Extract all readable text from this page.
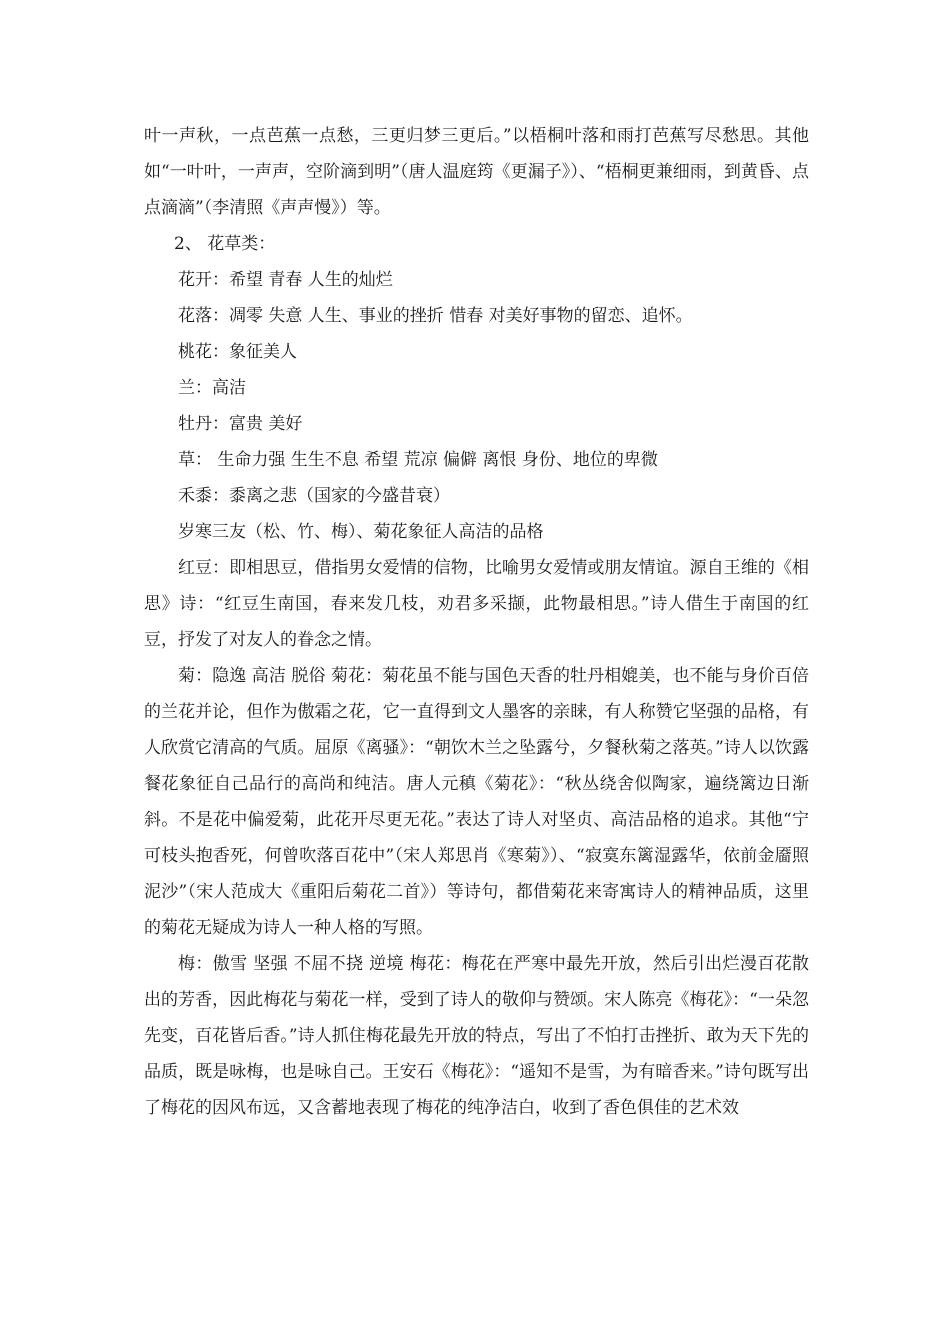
叶一声秋，一点芭蕉一点愁，三更归梦三更后。”以梧桐叶落和雨打芭蕉写尽愁思。其他如“一叶叶，一声声，空阶滴到明”（唐人温庭筠《更漏子》）、“梧桐更兼细雨，到黄昏、点点滴滴”（李清照《声声慢》）等。

2、 花草类：

花开：希望 青春 人生的灿烂

花落：凋零 失意 人生、事业的挫折 惜春 对美好事物的留恋、追怀。

桃花：象征美人

兰：高洁

牡丹：富贵 美好

草： 生命力强 生生不息 希望 荒凉 偏僻 离恨 身份、地位的卑微

禾黍：黍离之悲（国家的今盛昔衰）

岁寒三友（松、竹、梅）、菊花象征人高洁的品格

红豆：即相思豆，借指男女爱情的信物，比喻男女爱情或朋友情谊。源自王维的《相思》诗：“红豆生南国，春来发几枝，劝君多采撷，此物最相思。”诗人借生于南国的红豆，抒发了对友人的眷念之情。

菊：隐逸 高洁 脱俗 菊花：菊花虽不能与国色天香的牡丹相媲美，也不能与身价百倍的兰花并论，但作为傲霜之花，它一直得到文人墨客的亲睐，有人称赞它坚强的品格，有人欣赏它清高的气质。屈原《离骚》：“朝饮木兰之坠露兮，夕餐秋菊之落英。”诗人以饮露餐花象征自己品行的高尚和纯洁。唐人元稹《菊花》：“秋丛绕舍似陶家，遍绕篱边日渐斜。不是花中偏爱菊，此花开尽更无花。”表达了诗人对坚贞、高洁品格的追求。其他“宁可枝头抱香死，何曾吹落百花中”（宋人郑思肖《寒菊》）、“寂寞东篱湿露华，依前金靥照泥沙”（宋人范成大《重阳后菊花二首》）等诗句，都借菊花来寄寓诗人的精神品质，这里的菊花无疑成为诗人一种人格的写照。

梅：傲雪 坚强 不屈不挠 逆境 梅花：梅花在严寒中最先开放，然后引出烂漫百花散出的芳香，因此梅花与菊花一样，受到了诗人的敬仰与赞颂。宋人陈亮《梅花》：“一朵忽先变，百花皆后香。”诗人抓住梅花最先开放的特点，写出了不怕打击挫折、敢为天下先的品质，既是咏梅，也是咏自己。王安石《梅花》：“遥知不是雪，为有暗香来。”诗句既写出了梅花的因风布远，又含蓄地表现了梅花的纯净洁白，收到了香色俱佳的艺术效
